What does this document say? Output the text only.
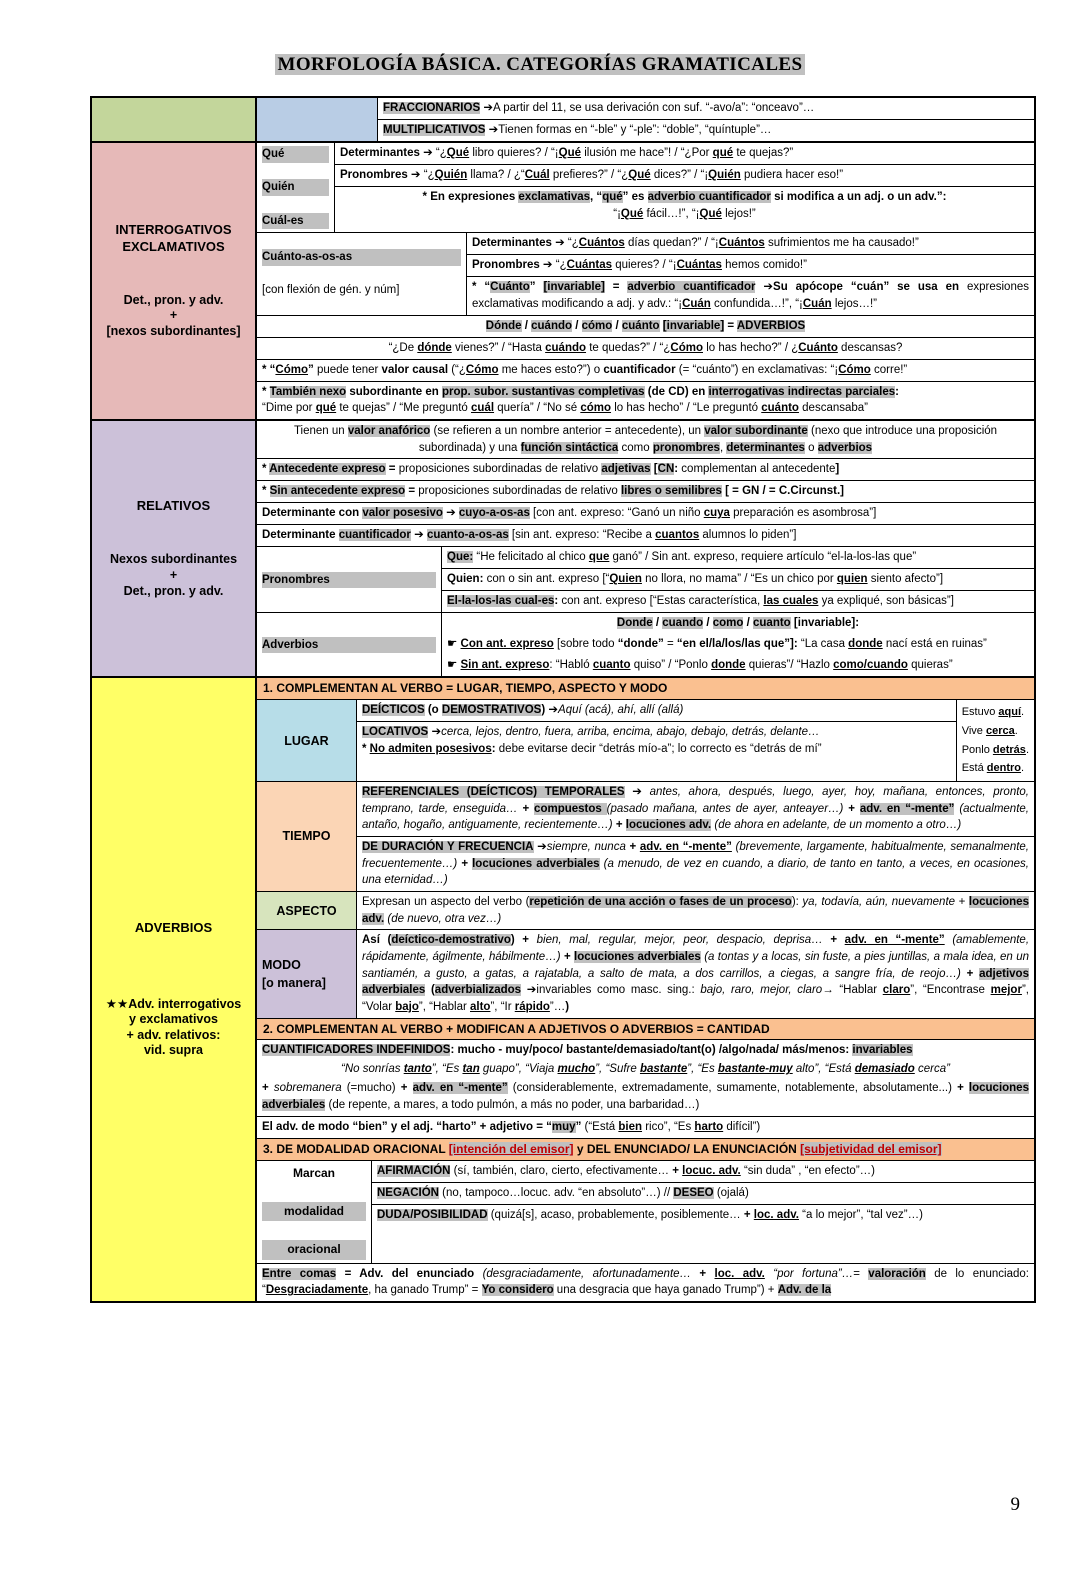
MORFOLOGÍA BÁSICA. CATEGORÍAS GRAMATICALES
FRACCIONARIOS ➔A partir del 11, se usa derivación con suf. “-avo/a”: “onceavo”…
MULTIPLICATIVOS ➔Tienen formas en “-ble” y “-ple”: “doble”, “quíntuple”…
INTERROGATIVOS
EXCLAMATIVOS
Det., pron. y adv.
+
[nexos subordinantes]
Qué

Quién

Cuál-es
Determinantes ➔ “¿Qué libro quieres? / “¡Qué ilusión me hace”! / “¿Por qué te quejas?”
Pronombres ➔ “¿Quién llama? / ¿“Cuál prefieres?” / “¿Qué dices?” / “¡Quién pudiera hacer eso!”
* En expresiones exclamativas, “qué” es adverbio cuantificador si modifica a un adj. o un adv.”:
“¡Qué fácil…!”, “¡Qué lejos!”
Cuánto-as-os-as

[con flexión de gén. y núm]
Determinantes ➔ “¿Cuántos días quedan?” / “¡Cuántos sufrimientos me ha causado!”
Pronombres ➔ “¿Cuántas quieres? / “¡Cuántas hemos comido!”
* “Cuánto” [invariable] = adverbio cuantificador ➔Su apócope “cuán” se usa en expresiones exclamativas modificando a adj. y adv.: “¡Cuán confundida…!”, “¡Cuán lejos…!”
Dónde / cuándo / cómo / cuánto [invariable] = ADVERBIOS
“¿De dónde vienes?” / “Hasta cuándo te quedas?” / “¿Cómo lo has hecho?” / ¿Cuánto descansas?
* “Cómo” puede tener valor causal (“¿Cómo me haces esto?”) o cuantificador (= “cuánto”) en exclamativas: “¡Cómo corre!”
* También nexo subordinante en prop. subor. sustantivas completivas (de CD) en interrogativas indirectas parciales:
“Dime por qué te quejas” / “Me preguntó cuál quería” / “No sé cómo lo has hecho” / “Le preguntó cuánto descansaba”
RELATIVOS
Nexos subordinantes
+
Det., pron. y adv.
Tienen un valor anafórico (se refieren a un nombre anterior = antecedente), un valor subordinante (nexo que introduce una proposición subordinada) y una función sintáctica como pronombres, determinantes o adverbios
* Antecedente expreso = proposiciones subordinadas de relativo adjetivas [CN: complementan al antecedente]
* Sin antecedente expreso = proposiciones subordinadas de relativo libres o semilibres [ = GN / = C.Circunst.]
Determinante con valor posesivo ➔ cuyo-a-os-as [con ant. expreso: “Ganó un niño cuya preparación es asombrosa”]
Determinante cuantificador ➔ cuanto-a-os-as [sin ant. expreso: “Recibe a cuantos alumnos lo piden”]
Pronombres
Que: “He felicitado al chico que ganó” / Sin ant. expreso, requiere artículo “el-la-los-las que”
Quien: con o sin ant. expreso [“Quien no llora, no mama” / “Es un chico por quien siento afecto”]
El-la-los-las cual-es: con ant. expreso [“Estas característica, las cuales ya expliqué, son básicas”]
Adverbios
Donde / cuando / como / cuanto [invariable]:
☛ Con ant. expreso [sobre todo “donde” = “en el/la/los/las que”]: “La casa donde nací está en ruinas”
☛ Sin ant. expreso: “Habló cuanto quiso” / “Ponlo donde quieras”/ “Hazlo como/cuando quieras”
ADVERBIOS
★★Adv. interrogativos
y exclamativos
+ adv. relativos:
vid. supra
1. COMPLEMENTAN AL VERBO = LUGAR, TIEMPO, ASPECTO Y MODO
LUGAR
DEÍCTICOS (o DEMOSTRATIVOS) ➔Aquí (acá), ahí, allí (allá)
LOCATIVOS ➔cerca, lejos, dentro, fuera, arriba, encima, abajo, debajo, detrás, delante…
* No admiten posesivos: debe evitarse decir “detrás mío-a”; lo correcto es “detrás de mí”
Estuvo aquí.
Vive cerca.
Ponlo detrás.
Está dentro.
TIEMPO
REFERENCIALES (DEÍCTICOS) TEMPORALES ➔ antes, ahora, después, luego, ayer, hoy, mañana, entonces, pronto, temprano, tarde, enseguida… + compuestos (pasado mañana, antes de ayer, anteayer…) + adv. en “-mente” (actualmente, antaño, hogaño, antiguamente, recientemente…) + locuciones adv. (de ahora en adelante, de un momento a otro…)
DE DURACIÓN Y FRECUENCIA ➔siempre, nunca + adv. en “-mente” (brevemente, largamente, habitualmente, semanalmente, frecuentemente…) + locuciones adverbiales (a menudo, de vez en cuando, a diario, de tanto en tanto, a veces, en ocasiones, una eternidad…)
ASPECTO
Expresan un aspecto del verbo (repetición de una acción o fases de un proceso): ya, todavía, aún, nuevamente + locuciones adv. (de nuevo, otra vez…)
MODO
[o manera]
Así (deíctico-demostrativo) + bien, mal, regular, mejor, peor, despacio, deprisa… + adv. en “-mente” (amablemente, rápidamente, ágilmente, hábilmente…) + locuciones adverbiales (a tontas y a locas, sin fuste, a pies juntillas, a mala idea, en un santiamén, a gusto, a gatas, a rajatabla, a salto de mata, a dos carrillos, a ciegas, a sangre fría, de reojo…) + adjetivos adverbiales (adverbializados ➔invariables como masc. sing.: bajo, raro, mejor, claro→ “Hablar claro”, “Encontrase mejor”, “Volar bajo”, “Hablar alto”, “Ir rápido”…)
2. COMPLEMENTAN AL VERBO + MODIFICAN A ADJETIVOS O ADVERBIOS = CANTIDAD
CUANTIFICADORES INDEFINIDOS: mucho - muy/poco/ bastante/demasiado/tant(o) /algo/nada/ más/menos: invariables
“No sonrías tanto”, “Es tan guapo”, “Viaja mucho”, “Sufre bastante”, “Es bastante-muy alto”, “Está demasiado cerca”
+ sobremanera (=mucho) + adv. en “-mente” (considerablemente, extremadamente, sumamente, notablemente, absolutamente...) + locuciones adverbiales (de repente, a mares, a todo pulmón, a más no poder, una barbaridad…)
El adv. de modo “bien” y el adj. “harto” + adjetivo = “muy” (“Está bien rico”, “Es harto difícil”)
3. DE MODALIDAD ORACIONAL [intención del emisor] y DEL ENUNCIADO/ LA ENUNCIACIÓN [subjetividad del emisor]
Marcan

modalidad

oracional
AFIRMACIÓN (sí, también, claro, cierto, efectivamente… + locuc. adv. “sin duda” , “en efecto”…)
NEGACIÓN (no, tampoco…locuc. adv. “en absoluto”…) // DESEO (ojalá)
DUDA/POSIBILIDAD (quizá[s], acaso, probablemente, posiblemente… + loc. adv. “a lo mejor”, “tal vez”…)
Entre comas = Adv. del enunciado (desgraciadamente, afortunadamente… + loc. adv. “por fortuna”…= valoración de lo enunciado: “Desgraciadamente, ha ganado Trump” = Yo considero una desgracia que haya ganado Trump”) + Adv. de la
9
